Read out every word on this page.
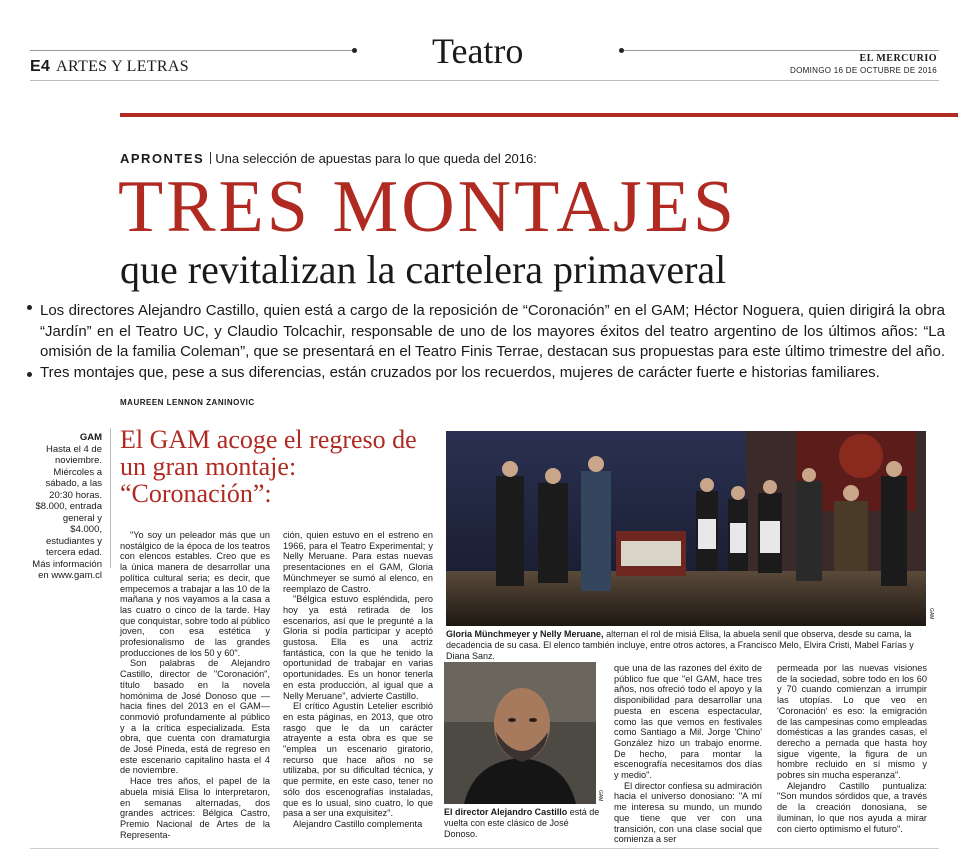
E4 ARTES Y LETRAS	Teatro	EL MERCURIO
DOMINGO 16 DE OCTUBRE DE 2016
APRONTES Una selección de apuestas para lo que queda del 2016:
TRES MONTAJES
que revitalizan la cartelera primaveral
Los directores Alejandro Castillo, quien está a cargo de la reposición de “Coronación” en el GAM; Héctor Noguera, quien dirigirá la obra “Jardín” en el Teatro UC, y Claudio Tolcachir, responsable de uno de los mayores éxitos del teatro argentino de los últimos años: “La omisión de la familia Coleman”, que se presentará en el Teatro Finis Terrae, destacan sus propuestas para este último trimestre del año. Tres montajes que, pese a sus diferencias, están cruzados por los recuerdos, mujeres de carácter fuerte e historias familiares.
MAUREEN LENNON ZANINOVIC
GAM
Hasta el 4 de noviembre. Miércoles a sábado, a las 20:30 horas. $8.000, entrada general y $4.000, estudiantes y tercera edad. Más información en www.gam.cl
El GAM acoge el regreso de un gran montaje: “Coronación”:

"Yo soy un peleador más que un nostálgico de la época de los teatros con elencos estables. Creo que es la única manera de desarrollar una política cultural seria; es decir, que empecemos a trabajar a las 10 de la mañana y nos vayamos a la casa a las cuatro o cinco de la tarde. Hay que conquistar, sobre todo al público joven, con esa estética y profesionalismo de las grandes producciones de los 50 y 60".

Son palabras de Alejandro Castillo, director de "Coronación", título basado en la novela homónima de José Donoso que —hacia fines del 2013 en el GAM— conmovió profundamente al público y a la crítica especializada. Esta obra, que cuenta con dramaturgia de José Pineda, está de regreso en este escenario capitalino hasta el 4 de noviembre.

Hace tres años, el papel de la abuela misiá Elisa lo interpretaron, en semanas alternadas, dos grandes actrices: Bélgica Castro, Premio Nacional de Artes de la Representa-

ción, quien estuvo en el estreno en 1966, para el Teatro Experimental; y Nelly Meruane. Para estas nuevas presentaciones en el GAM, Gloria Münchmeyer se sumó al elenco, en reemplazo de Castro.

"Bélgica estuvo espléndida, pero hoy ya está retirada de los escenarios, así que le pregunté a la Gloria si podía participar y aceptó gustosa. Ella es una actriz fantástica, con la que he tenido la oportunidad de trabajar en varias oportunidades. Es un honor tenerla en esta producción, al igual que a Nelly Meruane", advierte Castillo.

El crítico Agustín Letelier escribió en esta páginas, en 2013, que otro rasgo que le da un carácter atrayente a esta obra es que se "emplea un escenario giratorio, recurso que hace años no se utilizaba, por su dificultad técnica, y que permite, en este caso, tener no sólo dos escenografías instaladas, que es lo usual, sino cuatro, lo que pasa a ser una exquisitez".

Alejandro Castillo complementa

que una de las razones del éxito de público fue que "el GAM, hace tres años, nos ofreció todo el apoyo y la disponibilidad para desarrollar una puesta en escena espectacular, como las que vemos en festivales como Santiago a Mil. Jorge 'Chino' González hizo un trabajo enorme. De hecho, para montar la escenografía necesitamos dos días y medio".

El director confiesa su admiración hacia el universo donosiano: "A mí me interesa su mundo, un mundo que tiene que ver con una transición, con una clase social que comienza a ser

permeada por las nuevas visiones de la sociedad, sobre todo en los 60 y 70 cuando comienzan a irrumpir las utopías. Lo que veo en 'Coronación' es eso: la emigración de las campesinas como empleadas domésticas a las grandes casas, el derecho a pernada que hasta hoy sigue vigente, la figura de un hombre recluido en sí mismo y pobres sin mucha esperanza".

Alejandro Castillo puntualiza: "Son mundos sórdidos que, a través de la creación donosiana, se iluminan, lo que nos ayuda a mirar con cierto optimismo el futuro".

GAM
Gloria Münchmeyer y Nelly Meruane, alternan el rol de misiá Elisa, la abuela senil que observa, desde su cama, la decadencia de su casa. El elenco también incluye, entre otros actores, a Francisco Melo, Elvira Cristi, Mabel Farías y Diana Sanz.
GAM
El director Alejandro Castillo está de vuelta con este clásico de José Donoso.
